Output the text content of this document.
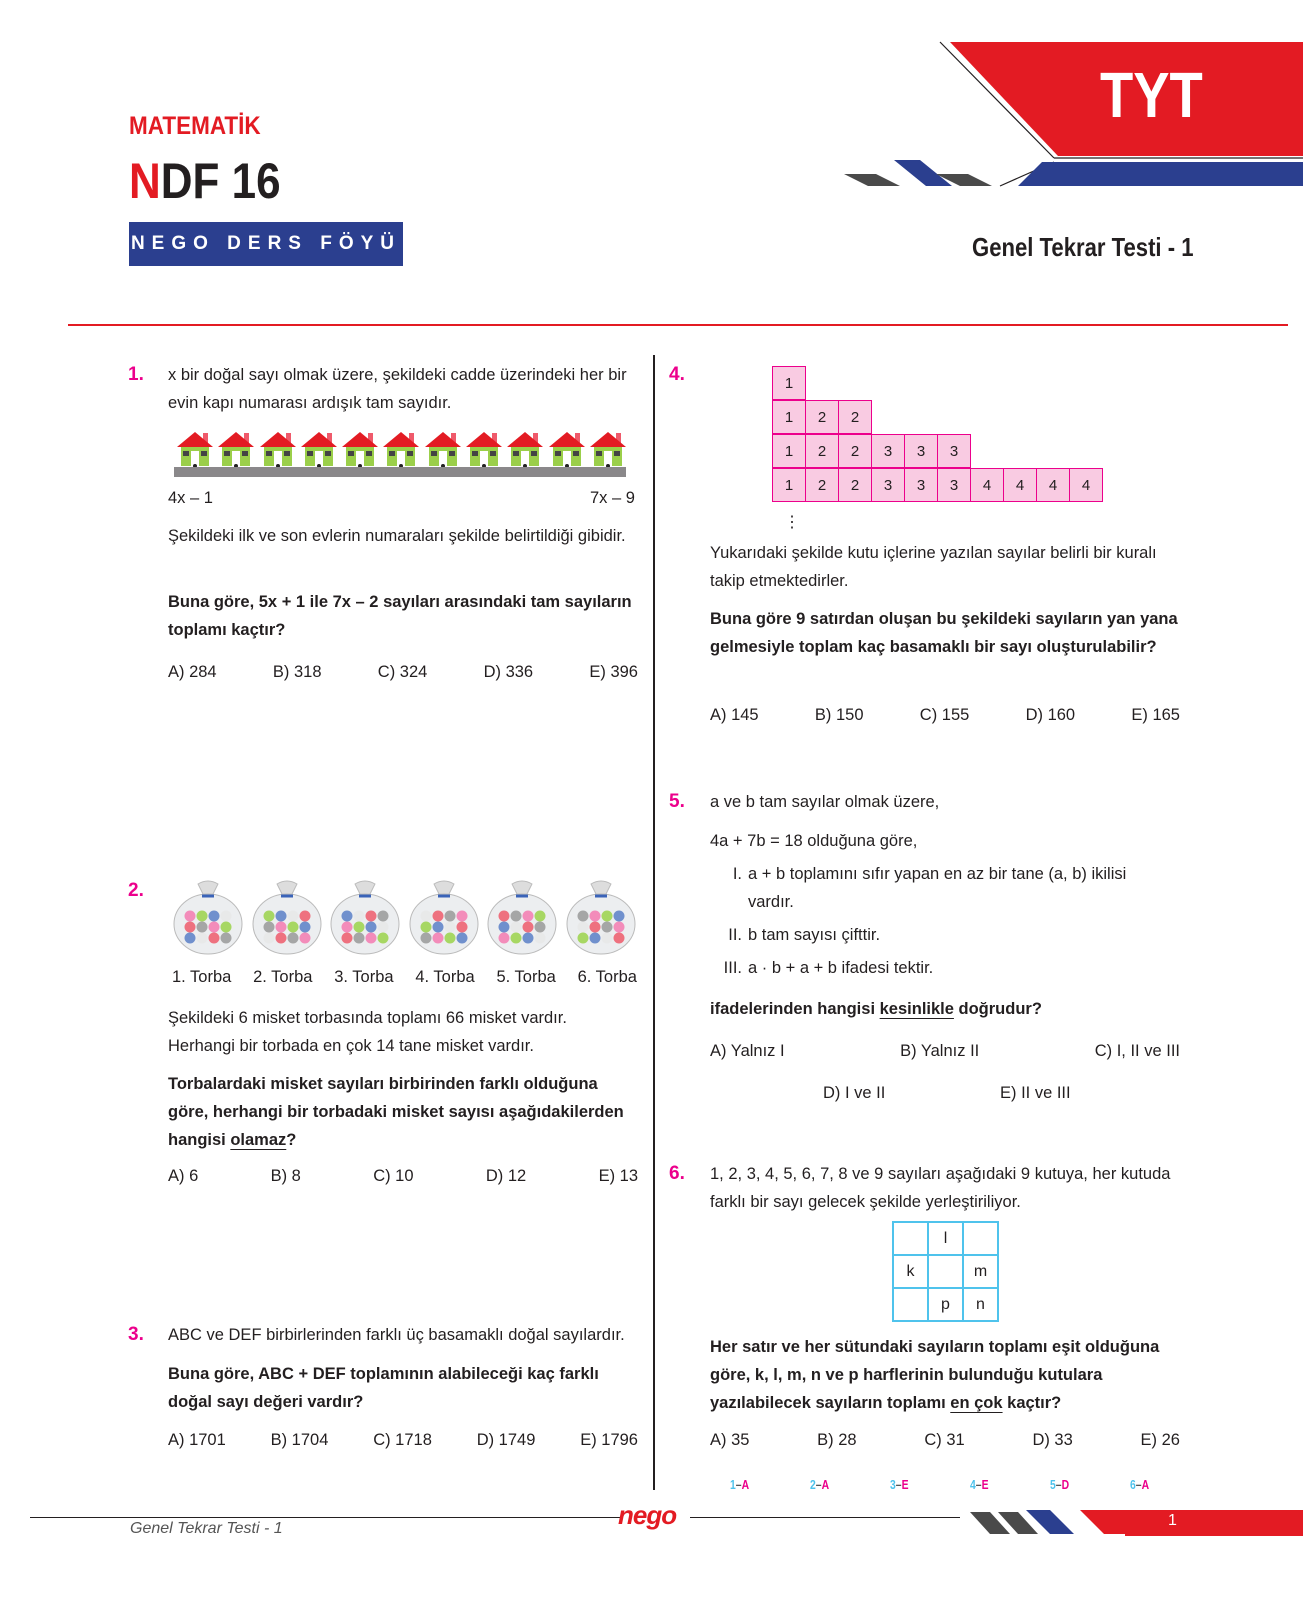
MATEMATİK
NDF 16
NEGO DERS FÖYÜ
TYT
Genel Tekrar Testi - 1
1. x bir doğal sayı olmak üzere, şekildeki cadde üzerindeki her bir evin kapı numarası ardışık tam sayıdır.
4x – 1	7x – 9
Şekildeki ilk ve son evlerin numaraları şekilde belirtildiği gibidir.
Buna göre, 5x + 1 ile 7x – 2 sayıları arasındaki tam sayıların toplamı kaçtır?
A) 284	B) 318	C) 324	D) 336	E) 396
2.
1. Torba 2. Torba 3. Torba 4. Torba 5. Torba 6. Torba
Şekildeki 6 misket torbasında toplamı 66 misket vardır. Herhangi bir torbada en çok 14 tane misket vardır.
Torbalardaki misket sayıları birbirinden farklı olduğuna göre, herhangi bir torbadaki misket sayısı aşağıdakilerden hangisi olamaz?
A) 6	B) 8	C) 10	D) 12	E) 13
3. ABC ve DEF birbirlerinden farklı üç basamaklı doğal sayılardır.
Buna göre, ABC + DEF toplamının alabileceği kaç farklı doğal sayı değeri vardır?
A) 1701	B) 1704	C) 1718	D) 1749	E) 1796
4.	1
1	2	2
1	2	2	3	3	3
1	2	2	3	3	3	4	4	4	4
⋮
Yukarıdaki şekilde kutu içlerine yazılan sayılar belirli bir kuralı takip etmektedirler.
Buna göre 9 satırdan oluşan bu şekildeki sayıların yan yana gelmesiyle toplam kaç basamaklı bir sayı oluşturulabilir?
A) 145	B) 150	C) 155	D) 160	E) 165
5. a ve b tam sayılar olmak üzere,
4a + 7b = 18 olduğuna göre,
I. a + b toplamını sıfır yapan en az bir tane (a, b) ikilisi vardır.
II. b tam sayısı çifttir.
III. a · b + a + b ifadesi tektir.
ifadelerinden hangisi kesinlikle doğrudur?
A) Yalnız I	B) Yalnız II	C) I, II ve III
D) I ve II	E) II ve III
6. 1, 2, 3, 4, 5, 6, 7, 8 ve 9 sayıları aşağıdaki 9 kutuya, her kutuda farklı bir sayı gelecek şekilde yerleştiriliyor.
	l	
k		m
	p	n
Her satır ve her sütundaki sayıların toplamı eşit olduğuna göre, k, l, m, n ve p harflerinin bulunduğu kutulara yazılabilecek sayıların toplamı en çok kaçtır?
A) 35	B) 28	C) 31	D) 33	E) 26
1–A	2–A	3–E	4–E	5–D	6–A
Genel Tekrar Testi - 1	nego	1
